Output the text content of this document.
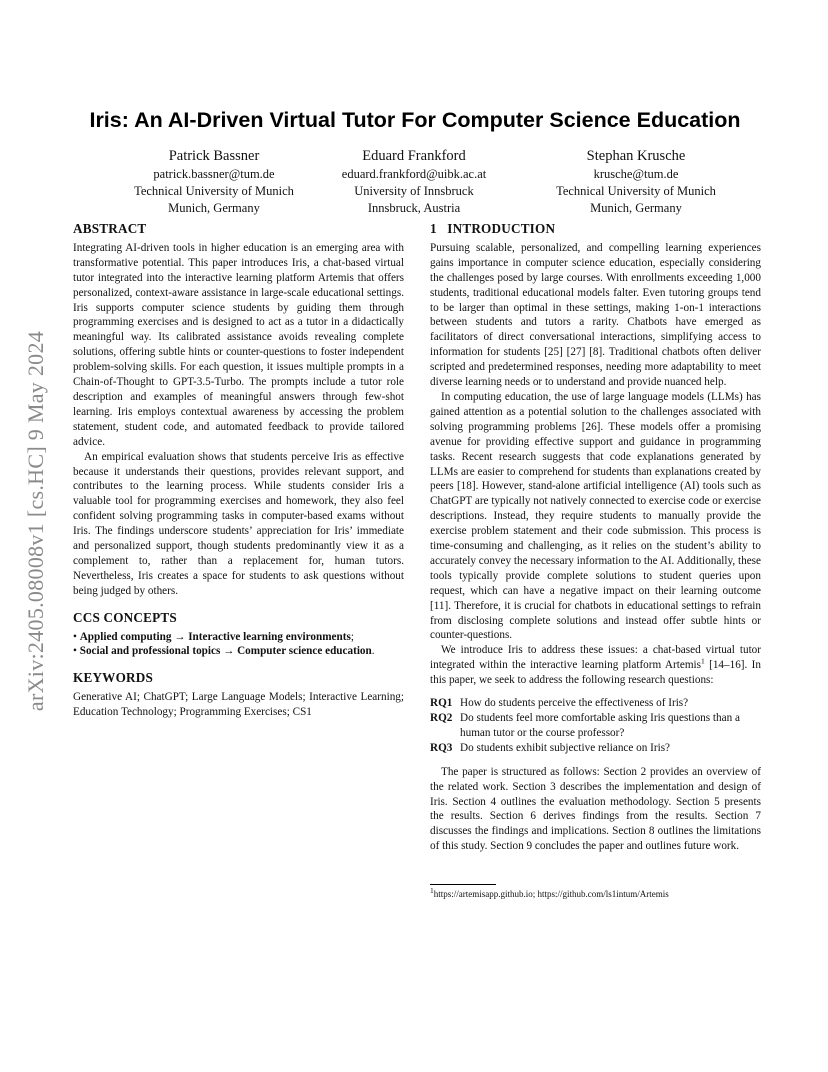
arXiv:2405.08008v1 [cs.HC] 9 May 2024
Iris: An AI-Driven Virtual Tutor For Computer Science Education
Patrick Bassner
patrick.bassner@tum.de
Technical University of Munich
Munich, Germany
Eduard Frankford
eduard.frankford@uibk.ac.at
University of Innsbruck
Innsbruck, Austria
Stephan Krusche
krusche@tum.de
Technical University of Munich
Munich, Germany
ABSTRACT

Integrating AI-driven tools in higher education is an emerging area with transformative potential. This paper introduces Iris, a chat-based virtual tutor integrated into the interactive learning platform Artemis that offers personalized, context-aware assistance in large-scale educational settings. Iris supports computer science students by guiding them through programming exercises and is designed to act as a tutor in a didactically meaningful way. Its calibrated assistance avoids revealing complete solutions, offering subtle hints or counter-questions to foster independent problem-solving skills. For each question, it issues multiple prompts in a Chain-of-Thought to GPT-3.5-Turbo. The prompts include a tutor role description and examples of meaningful answers through few-shot learning. Iris employs contextual awareness by accessing the problem statement, student code, and automated feedback to provide tailored advice.

An empirical evaluation shows that students perceive Iris as effective because it understands their questions, provides relevant support, and contributes to the learning process. While students consider Iris a valuable tool for programming exercises and homework, they also feel confident solving programming tasks in computer-based exams without Iris. The findings underscore students’ appreciation for Iris’ immediate and personalized support, though students predominantly view it as a complement to, rather than a replacement for, human tutors. Nevertheless, Iris creates a space for students to ask questions without being judged by others.

CCS CONCEPTS

• Applied computing → Interactive learning environments;

• Social and professional topics → Computer science education.

KEYWORDS

Generative AI; ChatGPT; Large Language Models; Interactive Learning; Education Technology; Programming Exercises; CS1

1   INTRODUCTION

Pursuing scalable, personalized, and compelling learning experiences gains importance in computer science education, especially considering the challenges posed by large courses. With enrollments exceeding 1,000 students, traditional educational models falter. Even tutoring groups tend to be larger than optimal in these settings, making 1-on-1 interactions between students and tutors a rarity. Chatbots have emerged as facilitators of direct conversational interactions, simplifying access to information for students [25] [27] [8]. Traditional chatbots often deliver scripted and predetermined responses, needing more adaptability to meet diverse learning needs or to understand and provide nuanced help.

In computing education, the use of large language models (LLMs) has gained attention as a potential solution to the challenges associated with solving programming problems [26]. These models offer a promising avenue for providing effective support and guidance in programming tasks. Recent research suggests that code explanations generated by LLMs are easier to comprehend for students than explanations created by peers [18]. However, stand-alone artificial intelligence (AI) tools such as ChatGPT are typically not natively connected to exercise code or exercise descriptions. Instead, they require students to manually provide the exercise problem statement and their code submission. This process is time-consuming and challenging, as it relies on the student’s ability to accurately convey the necessary information to the AI. Additionally, these tools typically provide complete solutions to student queries upon request, which can have a negative impact on their learning outcome [11]. Therefore, it is crucial for chatbots in educational settings to refrain from disclosing complete solutions and instead offer subtle hints or counter-questions.

We introduce Iris to address these issues: a chat-based virtual tutor integrated within the interactive learning platform Artemis$^1$ [14–16]. In this paper, we seek to address the following research questions:

RQ1 How do students perceive the effectiveness of Iris?
RQ2 Do students feel more comfortable asking Iris questions than a human tutor or the course professor?
RQ3 Do students exhibit subjective reliance on Iris?

The paper is structured as follows: Section 2 provides an overview of the related work. Section 3 describes the implementation and design of Iris. Section 4 outlines the evaluation methodology. Section 5 presents the results. Section 6 derives findings from the results. Section 7 discusses the findings and implications. Section 8 outlines the limitations of this study. Section 9 concludes the paper and outlines future work.

$^1$https://artemisapp.github.io; https://github.com/ls1intum/Artemis
